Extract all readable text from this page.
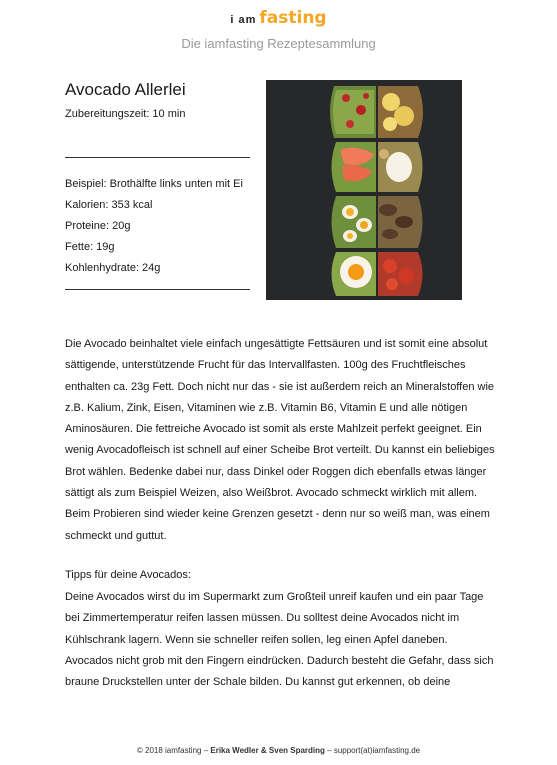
i am fasting
Die iamfasting Rezeptesammlung
Avocado Allerlei
Zubereitungszeit: 10 min
Beispiel: Brothälfte links unten mit Ei
Kalorien: 353 kcal
Proteine: 20g
Fette: 19g
Kohlenhydrate: 24g

Die Avocado beinhaltet viele einfach ungesättigte Fettsäuren und ist somit eine absolut sättigende, unterstützende Frucht für das Intervallfasten. 100g des Fruchtfleisches enthalten ca. 23g Fett. Doch nicht nur das - sie ist außerdem reich an Mineralstoffen wie z.B. Kalium, Zink, Eisen, Vitaminen wie z.B. Vitamin B6, Vitamin E und alle nötigen Aminosäuren. Die fettreiche Avocado ist somit als erste Mahlzeit perfekt geeignet. Ein wenig Avocadofleisch ist schnell auf einer Scheibe Brot verteilt. Du kannst ein beliebiges Brot wählen. Bedenke dabei nur, dass Dinkel oder Roggen dich ebenfalls etwas länger sättigt als zum Beispiel Weizen, also Weißbrot. Avocado schmeckt wirklich mit allem. Beim Probieren sind wieder keine Grenzen gesetzt - denn nur so weiß man, was einem schmeckt und guttut.

Tipps für deine Avocados:
Deine Avocados wirst du im Supermarkt zum Großteil unreif kaufen und ein paar Tage bei Zimmertemperatur reifen lassen müssen. Du solltest deine Avocados nicht im Kühlschrank lagern. Wenn sie schneller reifen sollen, leg einen Apfel daneben. Avocados nicht grob mit den Fingern eindrücken. Dadurch besteht die Gefahr, dass sich braune Druckstellen unter der Schale bilden. Du kannst gut erkennen, ob deine
© 2018 iamfasting – Erika Wedler & Sven Sparding – support(at)iamfasting.de
